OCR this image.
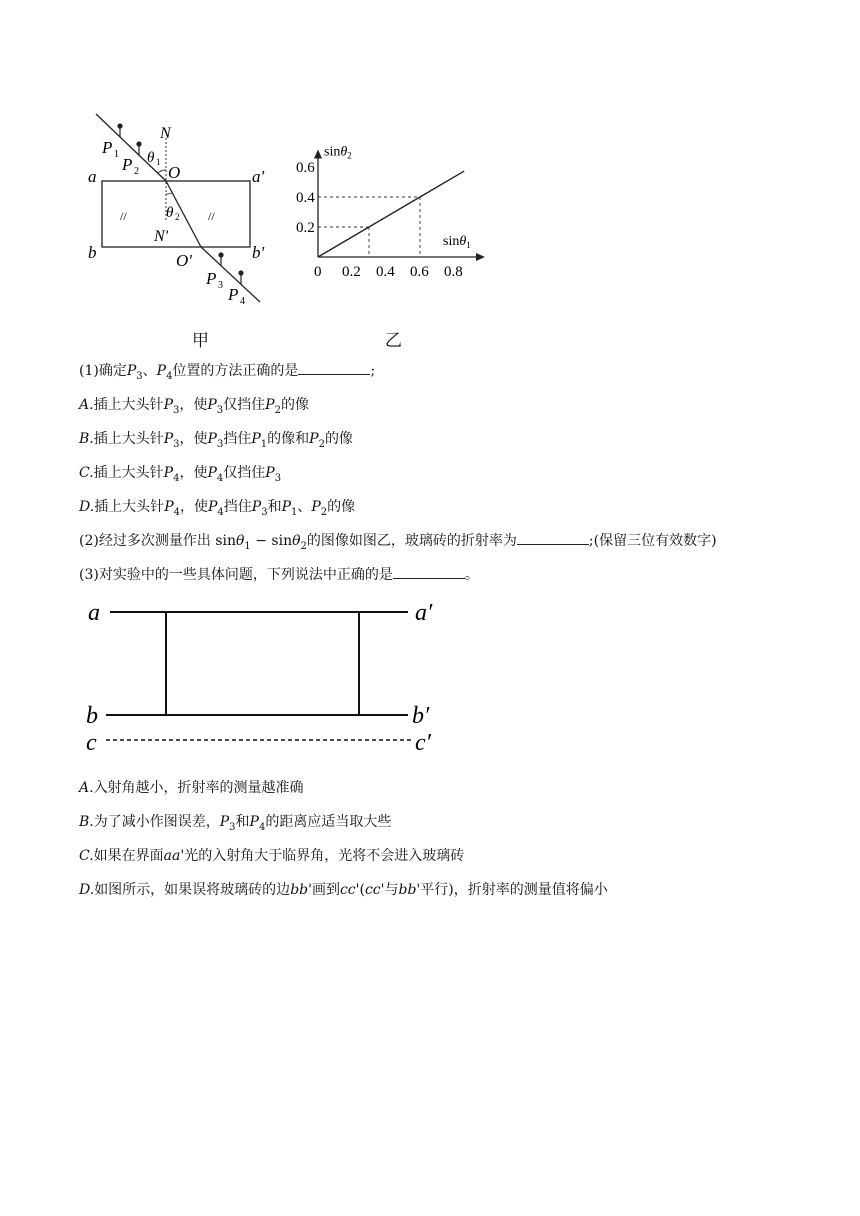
a	a'
b	b'
N
O
N'
O'
P 1
P 2
P 3 P 4
θ 1
θ 2
//	//
0.2 0.4 0.6 0.8
0.2
0.4
0.6
0
sinθ$_1$
sinθ$_2$
甲	乙
(1)确定$P_3$、$P_4$位置的方法正确的是	;
A.插上大头针$P_3$，使$P_3$仅挡住$P_2$的像
B.插上大头针$P_3$，使$P_3$挡住$P_1$的像和$P_2$的像
C.插上大头针$P_4$，使$P_4$仅挡住$P_3$
D.插上大头针$P_4$，使$P_4$挡住$P_3$和$P_1$、$P_2$的像
(2)经过多次测量作出 sinθ$_1$ − sinθ$_2$的图像如图乙，玻璃砖的折射率为	;(保留三位有效数字)
(3)对实验中的一些具体问题，下列说法中正确的是	。
a	a′
b	b′
c	c′
A.入射角越小，折射率的测量越准确
B.为了减小作图误差，$P_3$和$P_4$的距离应适当取大些
C.如果在界面aa'光的入射角大于临界角，光将不会进入玻璃砖
D.如图所示，如果误将玻璃砖的边bb'画到cc'(cc'与bb'平行)，折射率的测量值将偏小
